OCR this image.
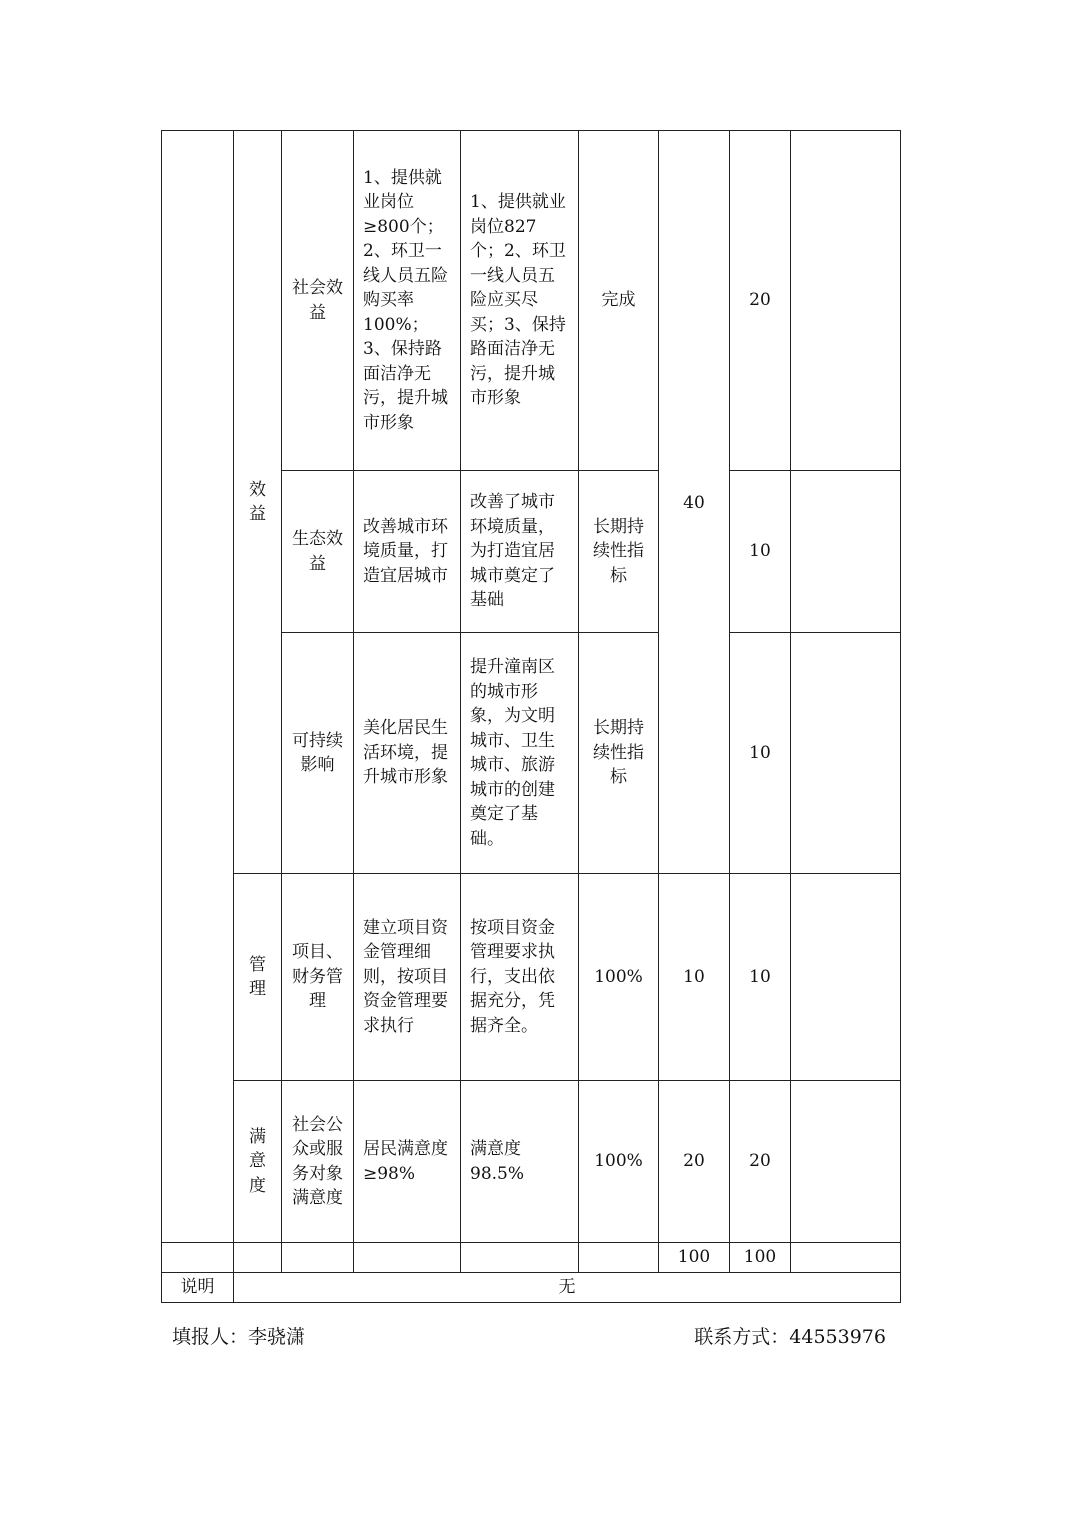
	效益	社会效益	1、提供就业岗位≥800个；2、环卫一线人员五险购买率100%；3、保持路面洁净无污，提升城市形象	1、提供就业岗位827个；2、环卫一线人员五险应买尽买；3、保持路面洁净无污，提升城市形象	完成	40	20	
		生态效益	改善城市环境质量，打造宜居城市	改善了城市环境质量，为打造宜居城市奠定了基础	长期持续性指标		10	
		可持续影响	美化居民生活环境，提升城市形象	提升潼南区的城市形象，为文明城市、卫生城市、旅游城市的创建奠定了基础。	长期持续性指标		10	
	管理	项目、财务管理	建立项目资金管理细则，按项目资金管理要求执行	按项目资金管理要求执行，支出依据充分，凭据齐全。	100%	10	10	
	满意度	社会公众或服务对象满意度	居民满意度≥98%	满意度98.5%	100%	20	20	
						100	100	
说明	无							
填报人：李骁潇	联系方式：44553976
